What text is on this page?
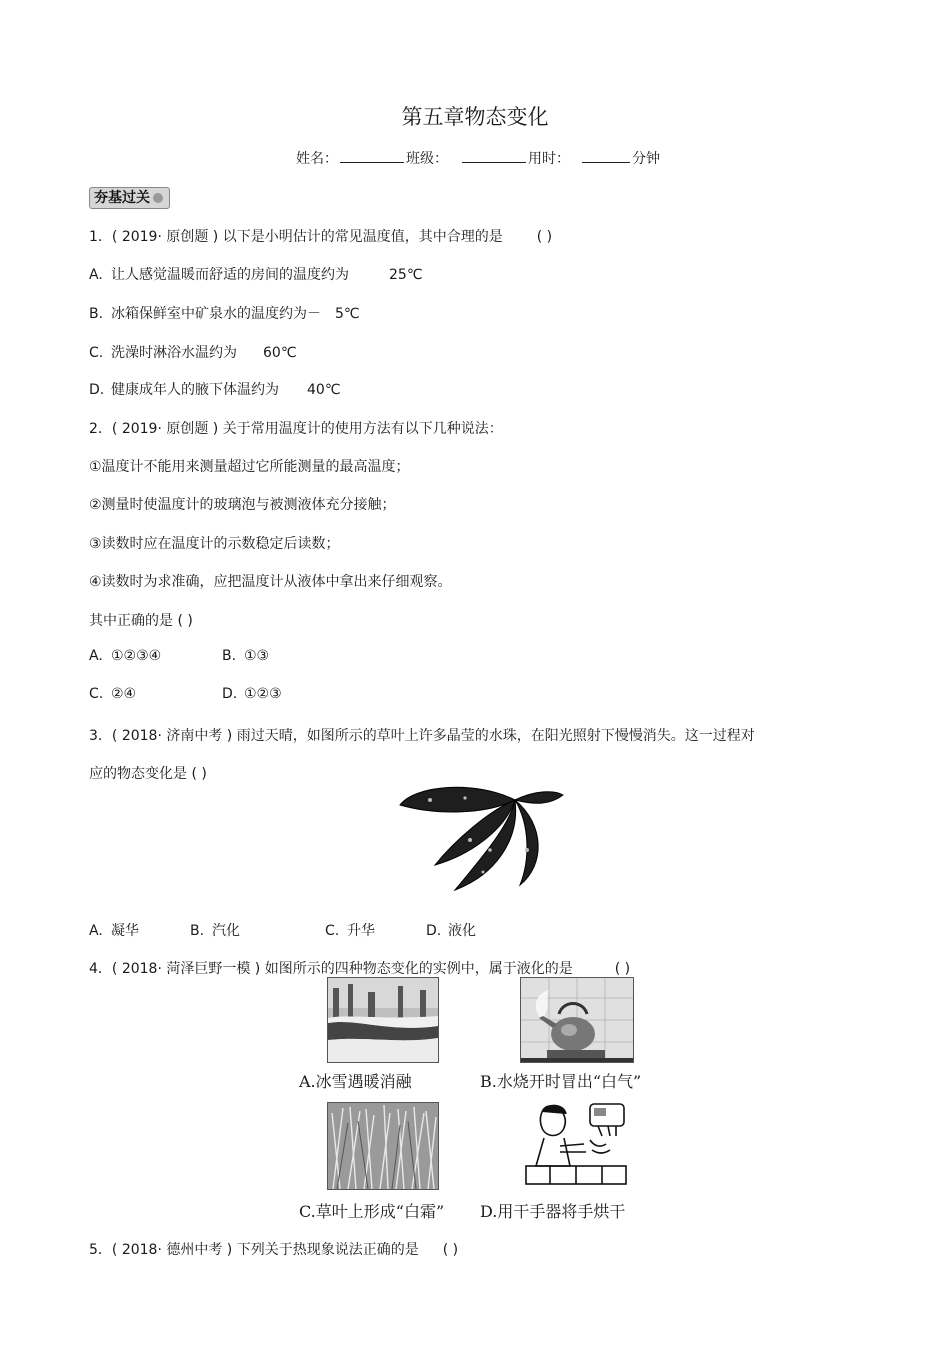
第五章物态变化
姓名：	班级：	用时：	分钟
夯基过关
1．( 2019· 原创题 ) 以下是小明估计的常见温度值，其中合理的是 ( )
A. 让人感觉温暖而舒适的房间的温度约为	25℃
B. 冰箱保鲜室中矿泉水的温度约为－ 5℃
C. 洗澡时淋浴水温约为 60℃
D. 健康成年人的腋下体温约为 40℃
2．( 2019· 原创题 ) 关于常用温度计的使用方法有以下几种说法：
①温度计不能用来测量超过它所能测量的最高温度；
②测量时使温度计的玻璃泡与被测液体充分接触；
③读数时应在温度计的示数稳定后读数；
④读数时为求准确，应把温度计从液体中拿出来仔细观察。
其中正确的是 ( )
A. ①②③④	B. ①③
C. ②④	D. ①②③
3．( 2018· 济南中考 ) 雨过天晴，如图所示的草叶上许多晶莹的水珠，在阳光照射下慢慢消失。这一过程对
应的物态变化是 ( )
A. 凝华	B. 汽化	C. 升华	D. 液化
4．( 2018· 菏泽巨野一模 ) 如图所示的四种物态变化的实例中，属于液化的是	( )
A.冰雪遇暖消融	B.水烧开时冒出“白气”
C.草叶上形成“白霜” D.用干手器将手烘干
5．( 2018· 德州中考 ) 下列关于热现象说法正确的是 ( )
